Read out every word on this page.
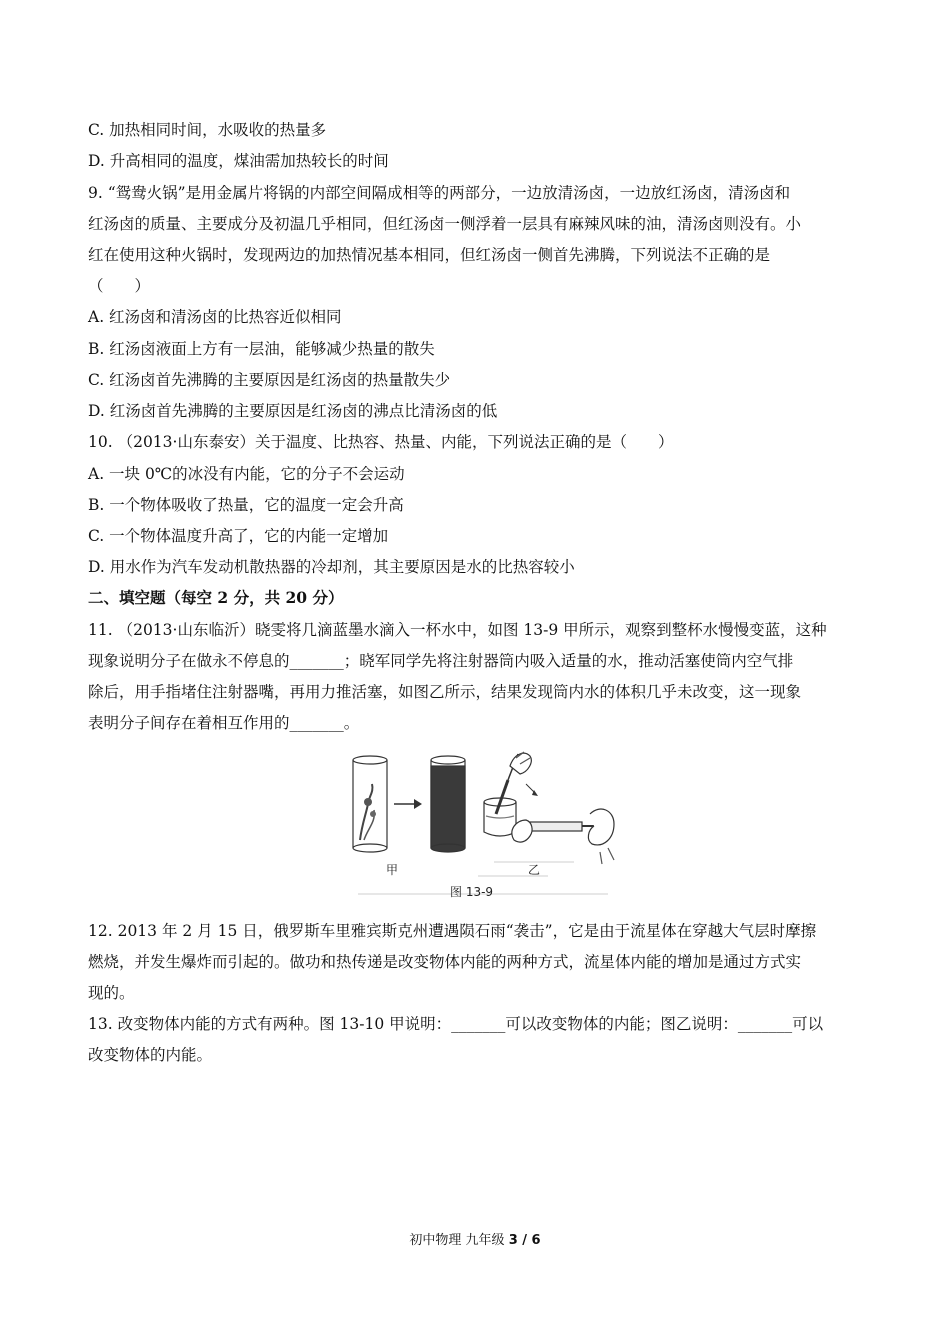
C. 加热相同时间，水吸收的热量多
D. 升高相同的温度，煤油需加热较长的时间
9. “鸳鸯火锅”是用金属片将锅的内部空间隔成相等的两部分，一边放清汤卤，一边放红汤卤，清汤卤和
红汤卤的质量、主要成分及初温几乎相同，但红汤卤一侧浮着一层具有麻辣风味的油，清汤卤则没有。小
红在使用这种火锅时，发现两边的加热情况基本相同，但红汤卤一侧首先沸腾，下列说法不正确的是
（　　）
A. 红汤卤和清汤卤的比热容近似相同
B. 红汤卤液面上方有一层油，能够减少热量的散失
C. 红汤卤首先沸腾的主要原因是红汤卤的热量散失少
D. 红汤卤首先沸腾的主要原因是红汤卤的沸点比清汤卤的低
10. （2013·山东泰安）关于温度、比热容、热量、内能，下列说法正确的是（　　）
A. 一块 0℃的冰没有内能，它的分子不会运动
B. 一个物体吸收了热量，它的温度一定会升高
C. 一个物体温度升高了，它的内能一定增加
D. 用水作为汽车发动机散热器的冷却剂，其主要原因是水的比热容较小
二、填空题（每空 2 分，共 20 分）
11. （2013·山东临沂）晓雯将几滴蓝墨水滴入一杯水中，如图 13-9 甲所示，观察到整杯水慢慢变蓝，这种
现象说明分子在做永不停息的_______；晓军同学先将注射器筒内吸入适量的水，推动活塞使筒内空气排
除后，用手指堵住注射器嘴，再用力推活塞，如图乙所示，结果发现筒内水的体积几乎未改变，这一现象
表明分子间存在着相互作用的_______。
甲	乙
图 13-9
12. 2013 年 2 月 15 日，俄罗斯车里雅宾斯克州遭遇陨石雨“袭击”，它是由于流星体在穿越大气层时摩擦
燃烧，并发生爆炸而引起的。做功和热传递是改变物体内能的两种方式，流星体内能的增加是通过方式实
现的。
13. 改变物体内能的方式有两种。图 13-10 甲说明：_______可以改变物体的内能；图乙说明：_______可以
改变物体的内能。
初中物理 九年级 3 / 6
